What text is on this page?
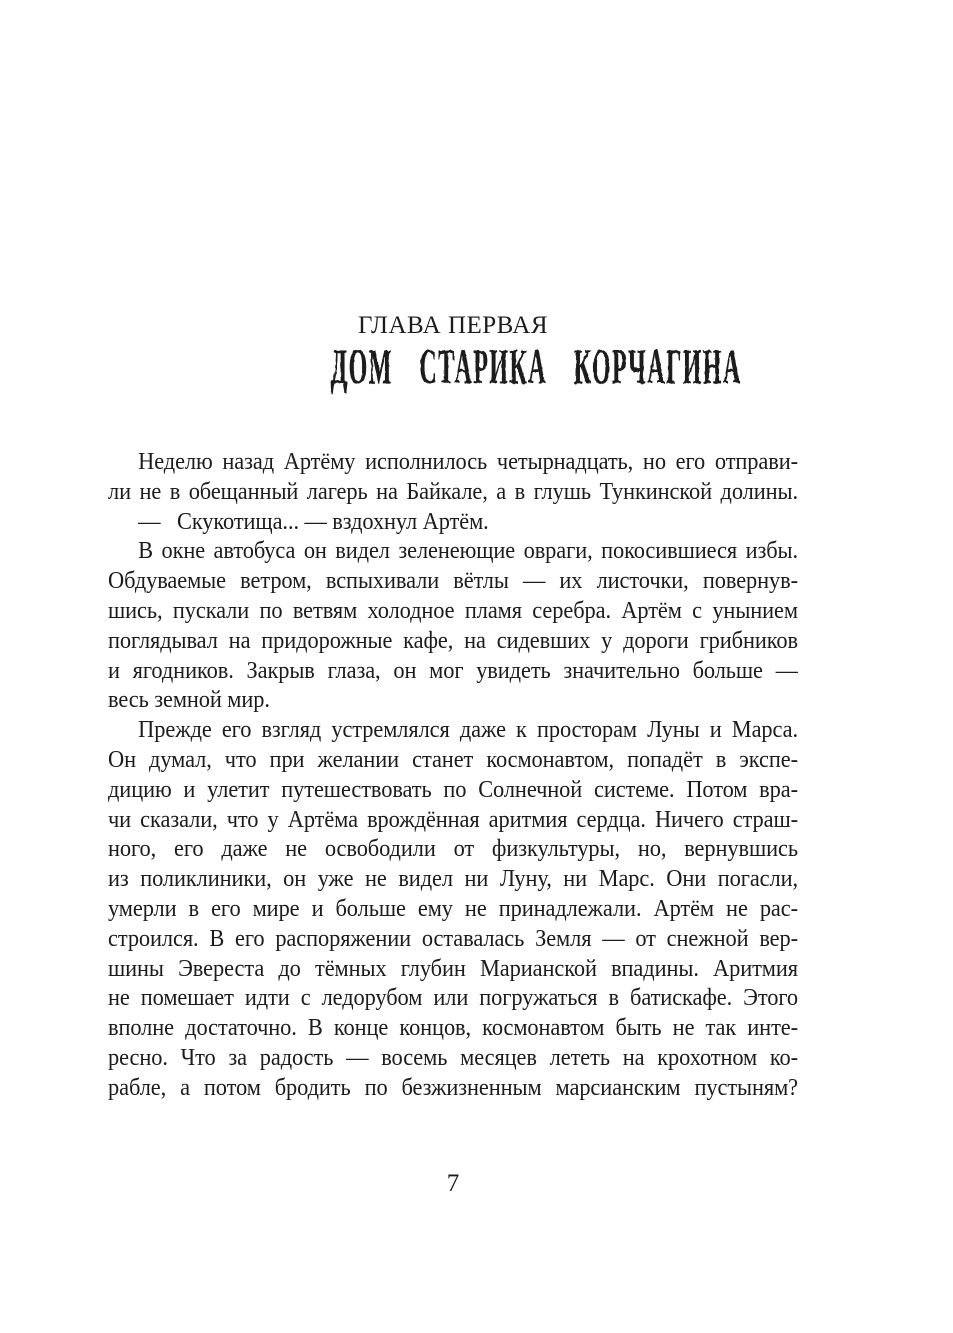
ГЛАВА ПЕРВАЯ
ДОМ СТАРИКА КОРЧАГИНА
Неделю назад Артёму исполнилось четырнадцать, но его отправи-
ли не в обещанный лагерь на Байкале, а в глушь Тункинской долины.
—   Скукотища... — вздохнул Артём.
В окне автобуса он видел зеленеющие овраги, покосившиеся избы.
Обдуваемые ветром, вспыхивали вётлы — их листочки, повернув-
шись, пускали по ветвям холодное пламя серебра. Артём с унынием
поглядывал на придорожные кафе, на сидевших у дороги грибников
и ягодников. Закрыв глаза, он мог увидеть значительно больше —
весь земной мир.
Прежде его взгляд устремлялся даже к просторам Луны и Марса.
Он думал, что при желании станет космонавтом, попадёт в экспе-
дицию и улетит путешествовать по Солнечной системе. Потом вра-
чи сказали, что у Артёма врождённая аритмия сердца. Ничего страш-
ного, его даже не освободили от физкультуры, но, вернувшись
из поликлиники, он уже не видел ни Луну, ни Марс. Они погасли,
умерли в его мире и больше ему не принадлежали. Артём не рас-
строился. В его распоряжении оставалась Земля — от снежной вер-
шины Эвереста до тёмных глубин Марианской впадины. Аритмия
не помешает идти с ледорубом или погружаться в батискафе. Этого
вполне достаточно. В конце концов, космонавтом быть не так инте-
ресно. Что за радость — восемь месяцев лететь на крохотном ко-
рабле, а потом бродить по безжизненным марсианским пустыням?
7
